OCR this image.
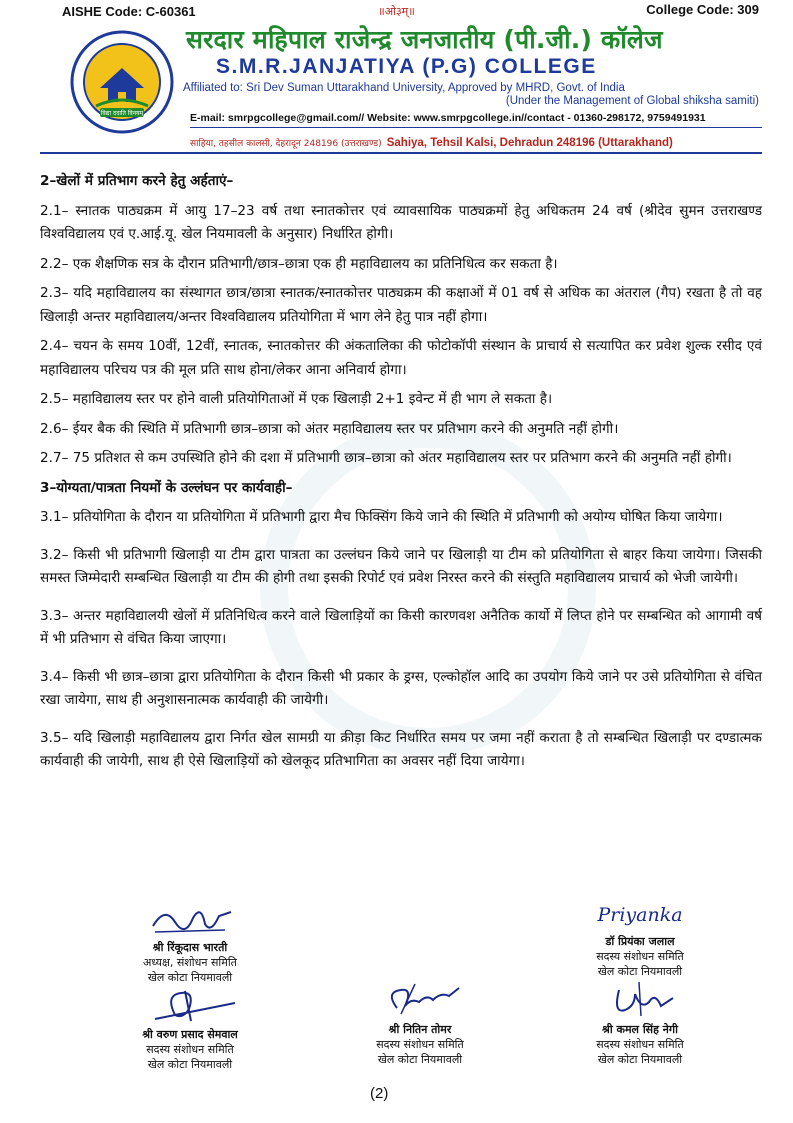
AISHE Code: C-60361	॥ओ३म्॥	College Code: 309
विद्या ददाति विनयम्
सरदार महिपाल राजेन्द्र जनजातीय (पी.जी.) कॉलेज
S.M.R.JANJATIYA (P.G) COLLEGE
Affiliated to: Sri Dev Suman Uttarakhand University, Approved by MHRD, Govt. of India
(Under the Management of Global shiksha samiti)
E-mail: smrpgcollege@gmail.com// Website: www.smrpgcollege.in//contact - 01360-298172, 9759491931
साहिया, तहसील कालसी, देहरादून 248196 (उत्तराखण्ड) Sahiya, Tehsil Kalsi, Dehradun 248196 (Uttarakhand)
2–खेलों में प्रतिभाग करने हेतु अर्हताएं–

2.1– स्नातक पाठ्यक्रम में आयु 17–23 वर्ष तथा स्नातकोत्तर एवं व्यावसायिक पाठ्यक्रमों हेतु अधिकतम 24 वर्ष (श्रीदेव सुमन उत्तराखण्ड विश्वविद्यालय एवं ए.आई.यू. खेल नियमावली के अनुसार) निर्धारित होगी।

2.2– एक शैक्षणिक सत्र के दौरान प्रतिभागी/छात्र–छात्रा एक ही महाविद्यालय का प्रतिनिधित्व कर सकता है।

2.3– यदि महाविद्यालय का संस्थागत छात्र/छात्रा स्नातक/स्नातकोत्तर पाठ्यक्रम की कक्षाओं में 01 वर्ष से अधिक का अंतराल (गैप) रखता है तो वह खिलाड़ी अन्तर महाविद्यालय/अन्तर विश्वविद्यालय प्रतियोगिता में भाग लेने हेतु पात्र नहीं होगा।

2.4– चयन के समय 10वीं, 12वीं, स्नातक, स्नातकोत्तर की अंकतालिका की फोटोकॉपी संस्थान के प्राचार्य से सत्यापित कर प्रवेश शुल्क रसीद एवं महाविद्यालय परिचय पत्र की मूल प्रति साथ होना/लेकर आना अनिवार्य होगा।

2.5– महाविद्यालय स्तर पर होने वाली प्रतियोगिताओं में एक खिलाड़ी 2+1 इवेन्ट में ही भाग ले सकता है।

2.6– ईयर बैक की स्थिति में प्रतिभागी छात्र–छात्रा को अंतर महाविद्यालय स्तर पर प्रतिभाग करने की अनुमति नहीं होगी।

2.7– 75 प्रतिशत से कम उपस्थिति होने की दशा में प्रतिभागी छात्र–छात्रा को अंतर महाविद्यालय स्तर पर प्रतिभाग करने की अनुमति नहीं होगी।

3–योग्यता/पात्रता नियमों के उल्लंघन पर कार्यवाही–

3.1– प्रतियोगिता के दौरान या प्रतियोगिता में प्रतिभागी द्वारा मैच फिक्सिंग किये जाने की स्थिति में प्रतिभागी को अयोग्य घोषित किया जायेगा।

3.2– किसी भी प्रतिभागी खिलाड़ी या टीम द्वारा पात्रता का उल्लंघन किये जाने पर खिलाड़ी या टीम को प्रतियोगिता से बाहर किया जायेगा। जिसकी समस्त जिम्मेदारी सम्बन्धित खिलाड़ी या टीम की होगी तथा इसकी रिपोर्ट एवं प्रवेश निरस्त करने की संस्तुति महाविद्यालय प्राचार्य को भेजी जायेगी।

3.3– अन्तर महाविद्यालयी खेलों में प्रतिनिधित्व करने वाले खिलाड़ियों का किसी कारणवश अनैतिक कार्यो में लिप्त होने पर सम्बन्धित को आगामी वर्ष में भी प्रतिभाग से वंचित किया जाएगा।

3.4– किसी भी छात्र–छात्रा द्वारा प्रतियोगिता के दौरान किसी भी प्रकार के ड्रग्स, एल्कोहॉल आदि का उपयोग किये जाने पर उसे प्रतियोगिता से वंचित रखा जायेगा, साथ ही अनुशासनात्मक कार्यवाही की जायेगी।

3.5– यदि खिलाड़ी महाविद्यालय द्वारा निर्गत खेल सामग्री या क्रीड़ा किट निर्धारित समय पर जमा नहीं कराता है तो सम्बन्धित खिलाड़ी पर दण्डात्मक कार्यवाही की जायेगी, साथ ही ऐसे खिलाड़ियों को खेलकूद प्रतिभागिता का अवसर नहीं दिया जायेगा।

श्री रिंकूदास भारती
अध्यक्ष, संशोधन समिति
खेल कोटा नियमावली
Priyanka
डॉ प्रियंका जलाल
सदस्य संशोधन समिति
खेल कोटा नियमावली
श्री वरुण प्रसाद सेमवाल
सदस्य संशोधन समिति
खेल कोटा नियमावली
श्री नितिन तोमर
सदस्य संशोधन समिति
खेल कोटा नियमावली
श्री कमल सिंह नेगी
सदस्य संशोधन समिति
खेल कोटा नियमावली
(2)
